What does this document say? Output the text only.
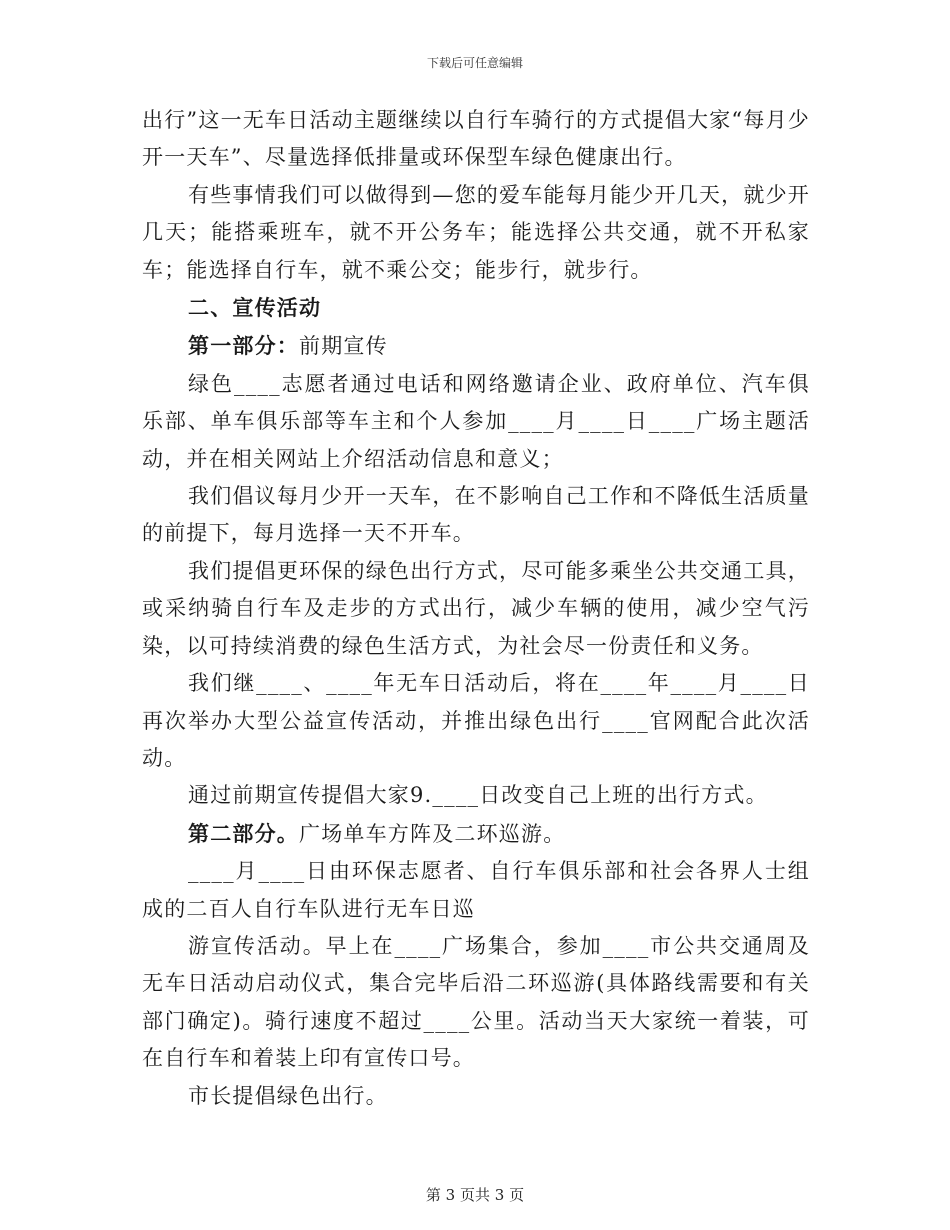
下载后可任意编辑

出行”这一无车日活动主题继续以自行车骑行的方式提倡大家“每月少开一天车”、尽量选择低排量或环保型车绿色健康出行。

有些事情我们可以做得到—您的爱车能每月能少开几天，就少开几天；能搭乘班车，就不开公务车；能选择公共交通，就不开私家车；能选择自行车，就不乘公交；能步行，就步行。

二、宣传活动

第一部分：前期宣传

绿色____志愿者通过电话和网络邀请企业、政府单位、汽车俱乐部、单车俱乐部等车主和个人参加____月____日____广场主题活动，并在相关网站上介绍活动信息和意义；

我们倡议每月少开一天车，在不影响自己工作和不降低生活质量的前提下，每月选择一天不开车。

我们提倡更环保的绿色出行方式，尽可能多乘坐公共交通工具，或采纳骑自行车及走步的方式出行，减少车辆的使用，减少空气污染，以可持续消费的绿色生活方式，为社会尽一份责任和义务。

我们继____、____年无车日活动后，将在____年____月____日再次举办大型公益宣传活动，并推出绿色出行____官网配合此次活动。

通过前期宣传提倡大家9.____日改变自己上班的出行方式。

第二部分。广场单车方阵及二环巡游。

____月____日由环保志愿者、自行车俱乐部和社会各界人士组成的二百人自行车队进行无车日巡

游宣传活动。早上在____广场集合，参加____市公共交通周及无车日活动启动仪式，集合完毕后沿二环巡游(具体路线需要和有关部门确定)。骑行速度不超过____公里。活动当天大家统一着装，可在自行车和着装上印有宣传口号。

市长提倡绿色出行。

第 3 页共 3 页
